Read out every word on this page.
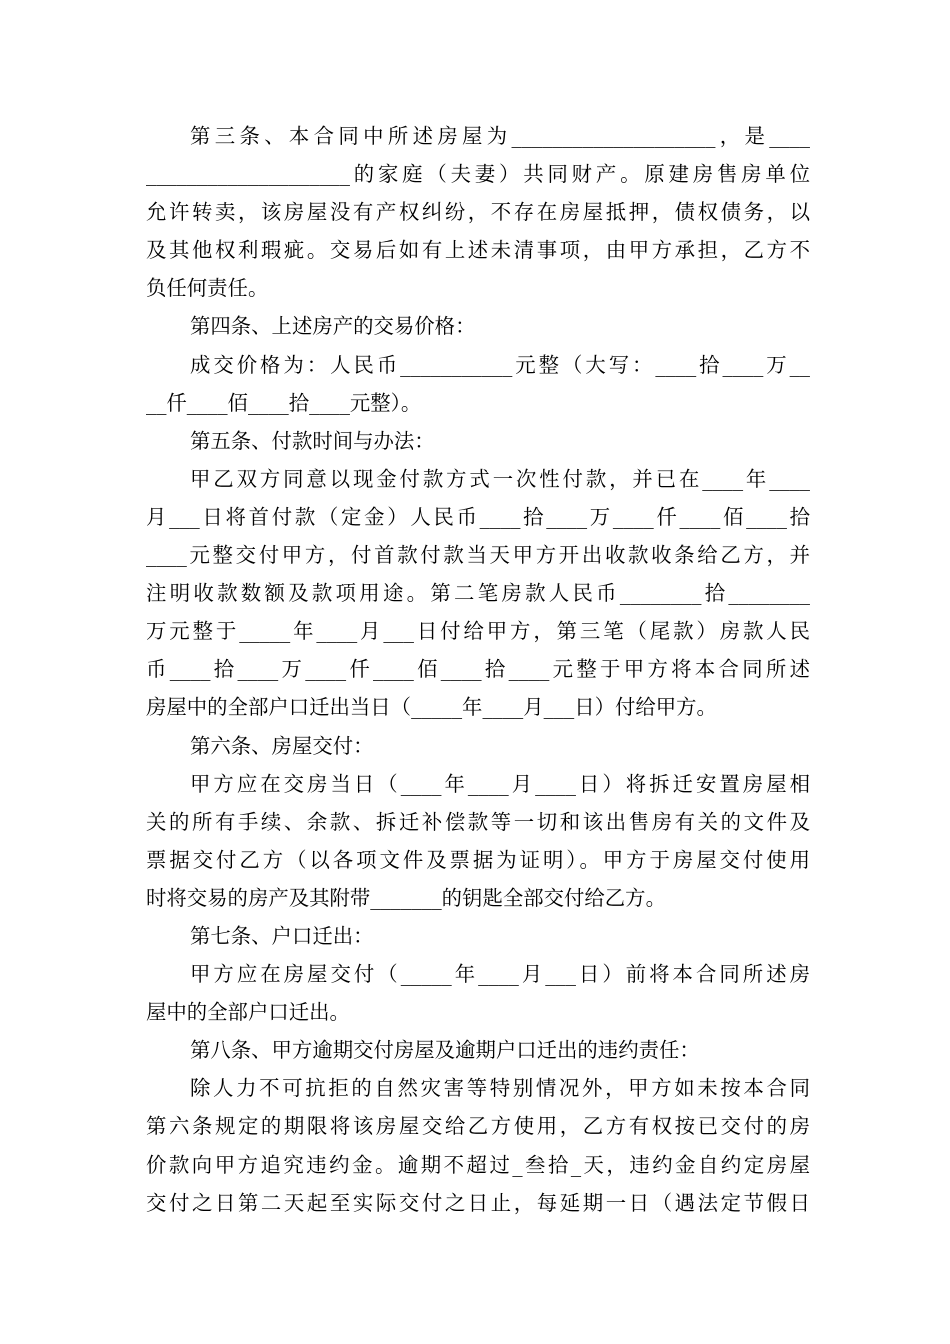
第三条、本合同中所述房屋为____________________，是____
____________________的家庭（夫妻）共同财产。原建房售房单位
允许转卖，该房屋没有产权纠纷，不存在房屋抵押，债权债务，以
及其他权利瑕疵。交易后如有上述未清事项，由甲方承担，乙方不
负任何责任。
第四条、上述房产的交易价格：
成交价格为：人民币___________元整（大写：____拾____万__
__仟____佰____拾____元整）。
第五条、付款时间与办法：
甲乙双方同意以现金付款方式一次性付款，并已在____年____
月___日将首付款（定金）人民币____拾____万____仟____佰____拾
____元整交付甲方，付首款付款当天甲方开出收款收条给乙方，并
注明收款数额及款项用途。第二笔房款人民币________拾________
万元整于_____年____月___日付给甲方，第三笔（尾款）房款人民
币____拾____万____仟____佰____拾____元整于甲方将本合同所述
房屋中的全部户口迁出当日（_____年____月___日）付给甲方。
第六条、房屋交付：
甲方应在交房当日（____年____月____日）将拆迁安置房屋相
关的所有手续、余款、拆迁补偿款等一切和该出售房有关的文件及
票据交付乙方（以各项文件及票据为证明）。甲方于房屋交付使用
时将交易的房产及其附带_______的钥匙全部交付给乙方。
第七条、户口迁出：
甲方应在房屋交付（_____年____月___日）前将本合同所述房
屋中的全部户口迁出。
第八条、甲方逾期交付房屋及逾期户口迁出的违约责任：
除人力不可抗拒的自然灾害等特别情况外，甲方如未按本合同
第六条规定的期限将该房屋交给乙方使用，乙方有权按已交付的房
价款向甲方追究违约金。逾期不超过_叁拾_天，违约金自约定房屋
交付之日第二天起至实际交付之日止，每延期一日（遇法定节假日
